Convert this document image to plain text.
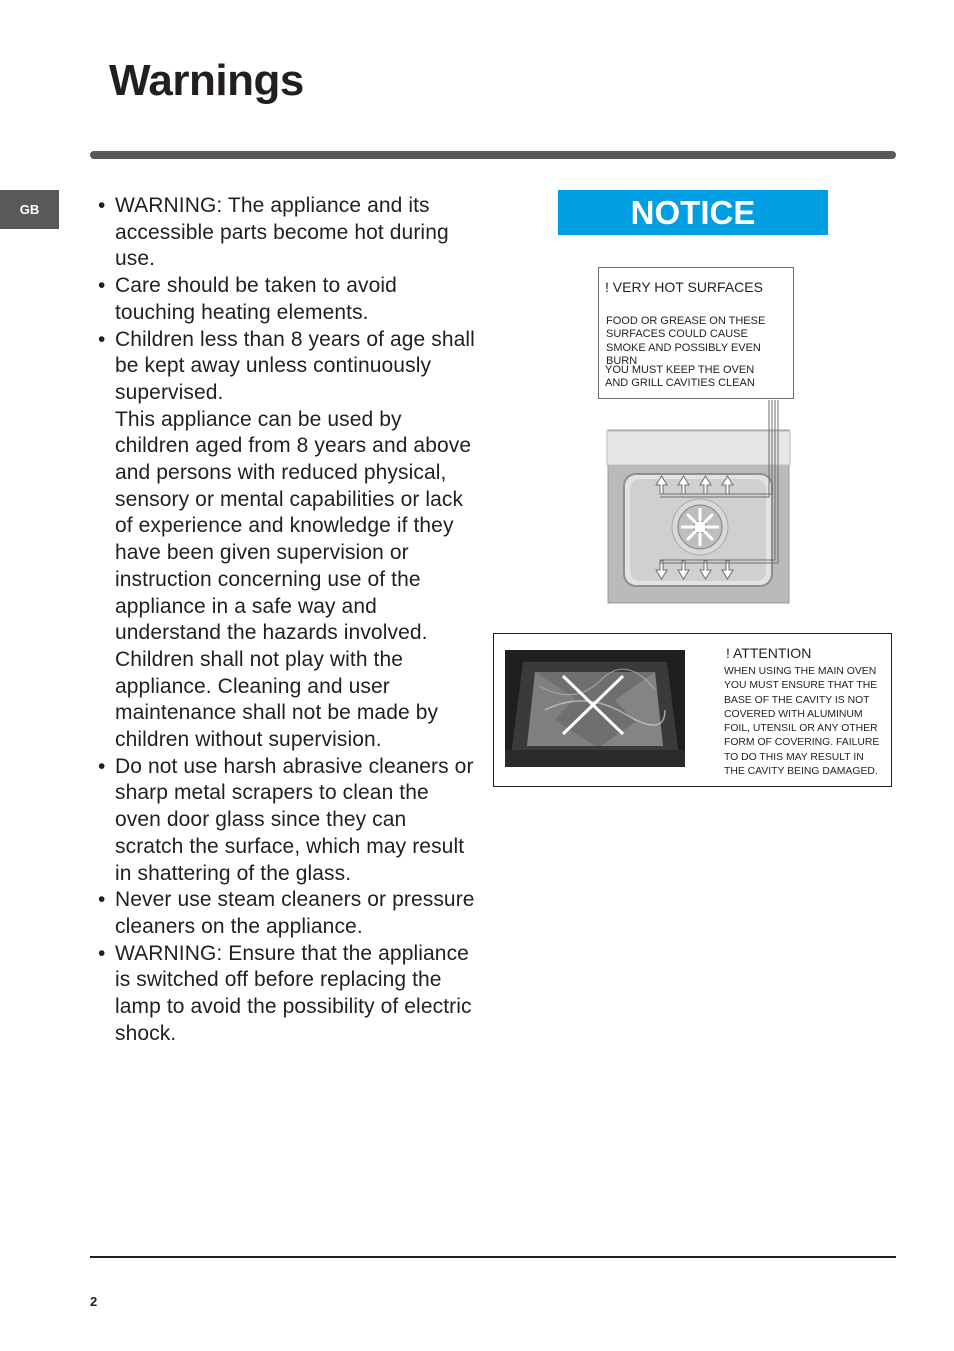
Warnings
GB	• WARNING: The appliance and its accessible parts become hot during use.

• Care should be taken to avoid touching heating elements.

• Children less than 8 years of age shall be kept away unless continuously supervised.
This appliance can be used by children aged from 8 years and above and persons with reduced physical, sensory or mental capabilities or lack of experience and knowledge if they have been given supervision or instruction concerning use of the appliance in a safe way and understand the hazards involved. Children shall not play with the appliance. Cleaning and user maintenance shall not be made by children without supervision.

• Do not use harsh abrasive cleaners or sharp metal scrapers to clean the oven door glass since they can scratch the surface, which may result in shattering of the glass.

• Never use steam cleaners or pressure cleaners on the appliance.

• WARNING: Ensure that the appliance is switched off before replacing the lamp to avoid the possibility of electric shock.

NOTICE
! VERY HOT SURFACES
FOOD OR GREASE ON THESE
SURFACES COULD CAUSE
SMOKE AND POSSIBLY EVEN BURN
YOU MUST KEEP THE OVEN
AND GRILL CAVITIES CLEAN
! ATTENTION
WHEN USING THE MAIN OVEN
YOU MUST ENSURE THAT THE
BASE OF THE CAVITY IS NOT
COVERED WITH ALUMINUM
FOIL, UTENSIL OR ANY OTHER
FORM OF COVERING. FAILURE
TO DO THIS MAY RESULT IN
THE CAVITY BEING DAMAGED.
2
